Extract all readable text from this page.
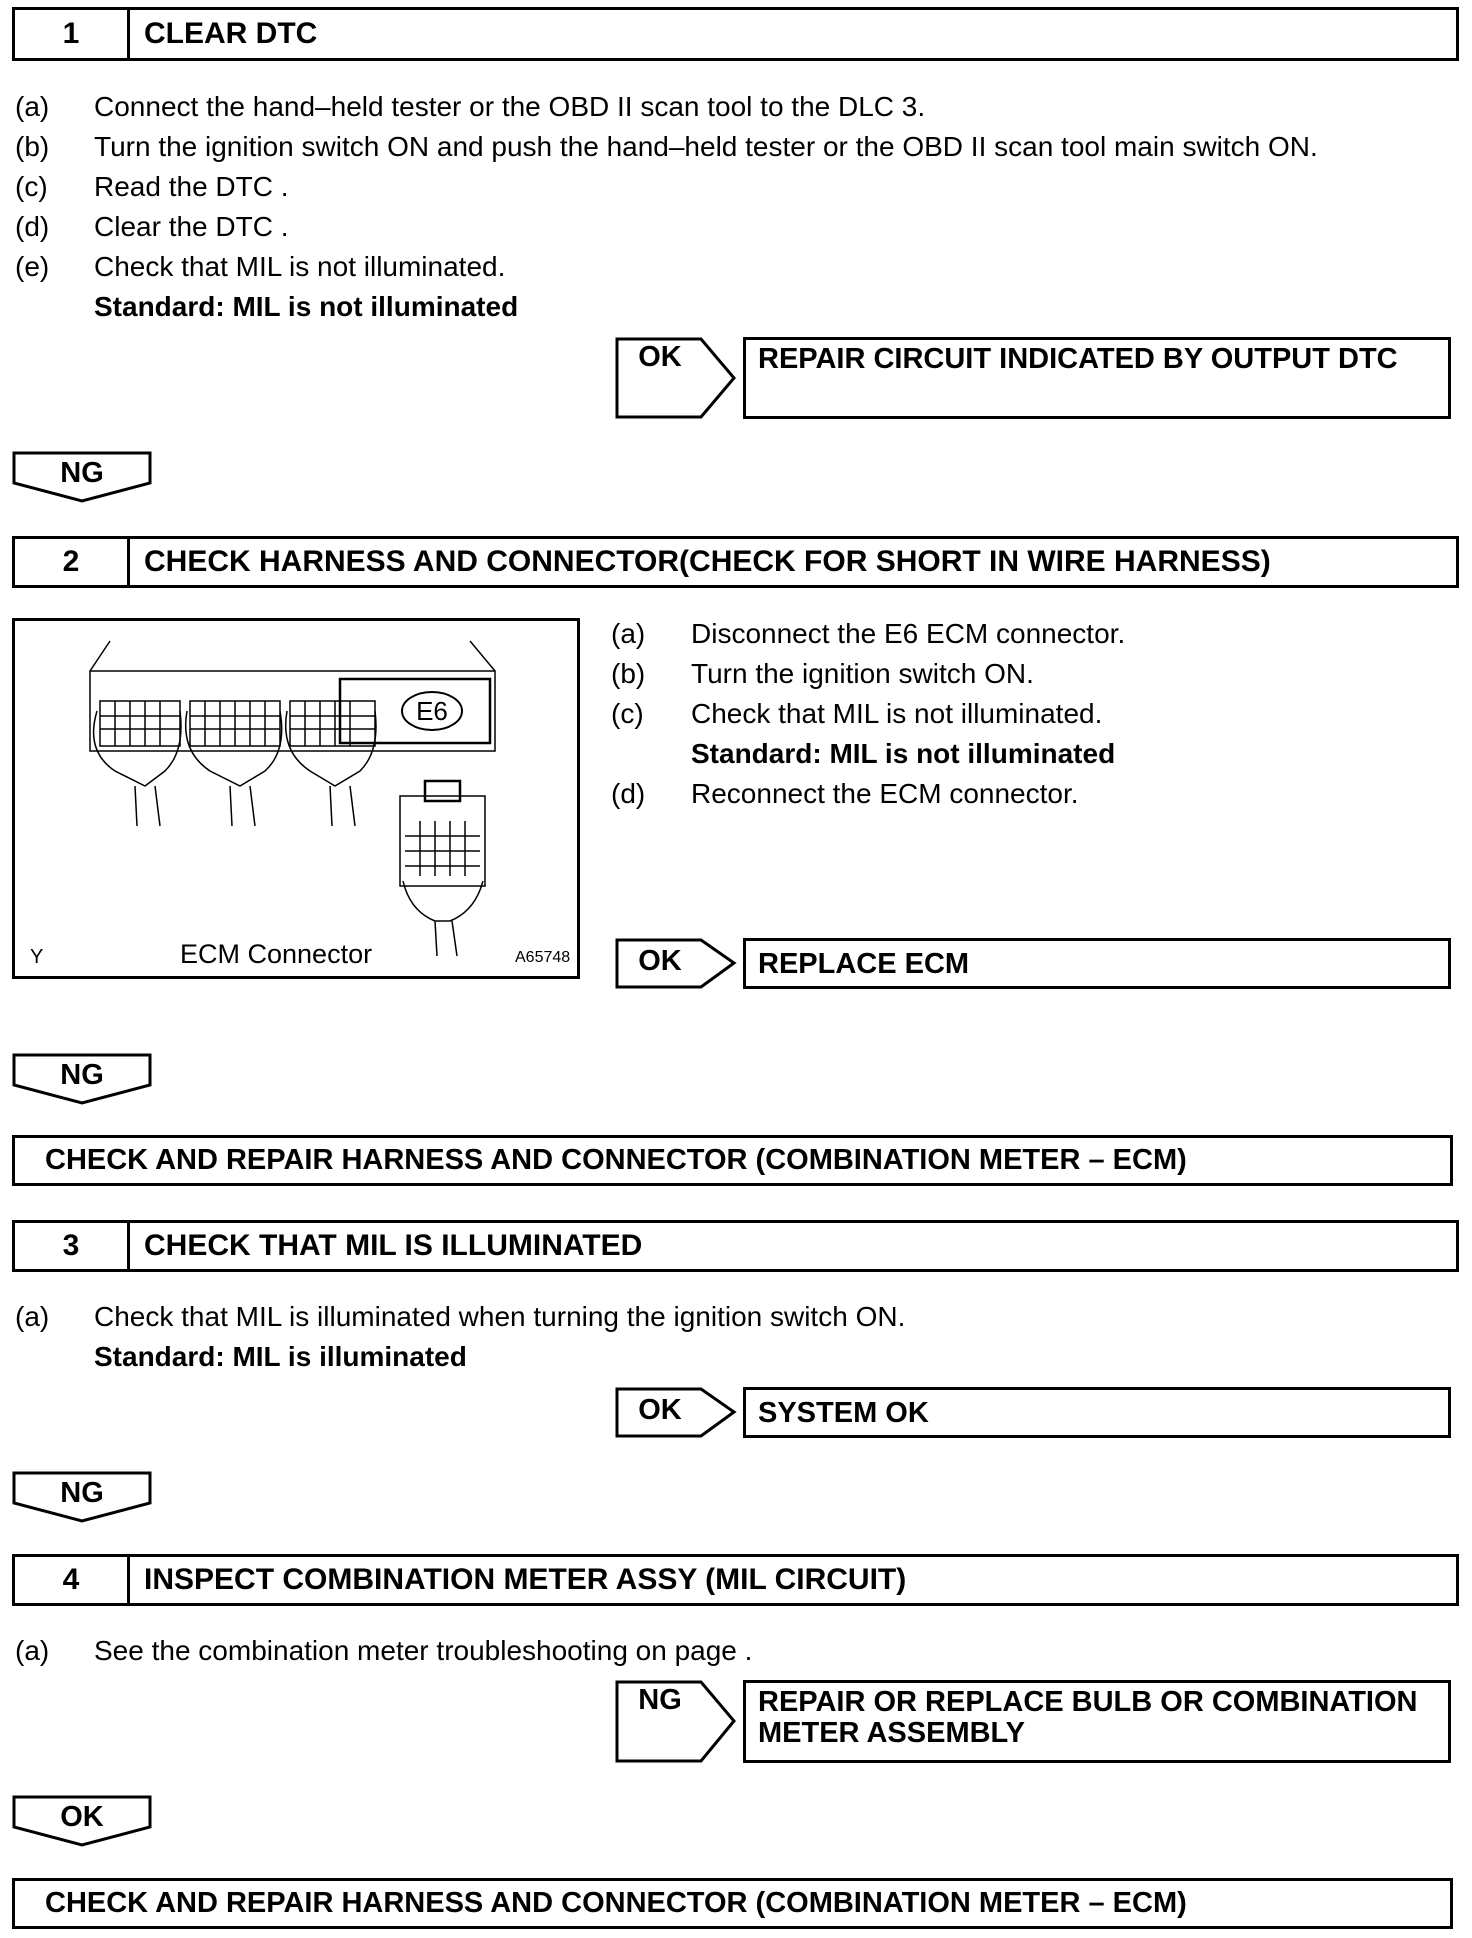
1	CLEAR DTC
(a) Connect the hand–held tester or the OBD II scan tool to the DLC 3.
(b) Turn the ignition switch ON and push the hand–held tester or the OBD II scan tool main switch ON.
(c) Read the DTC .
(d) Clear the DTC .
(e) Check that MIL is not illuminated.
Standard: MIL is not illuminated
OK	REPAIR CIRCUIT INDICATED BY OUTPUT DTC
NG
2	CHECK HARNESS AND CONNECTOR(CHECK FOR SHORT IN WIRE HARNESS)
E6
Y	ECM Connector	A65748
(a) Disconnect the E6 ECM connector.
(b) Turn the ignition switch ON.
(c) Check that MIL is not illuminated.
Standard: MIL is not illuminated
(d) Reconnect the ECM connector.
OK	REPLACE ECM
NG
CHECK AND REPAIR HARNESS AND CONNECTOR (COMBINATION METER – ECM)
3	CHECK THAT MIL IS ILLUMINATED
(a) Check that MIL is illuminated when turning the ignition switch ON.
Standard: MIL is illuminated
OK	SYSTEM OK
NG
4	INSPECT COMBINATION METER ASSY (MIL CIRCUIT)
(a) See the combination meter troubleshooting on page .
NG	REPAIR OR REPLACE BULB OR COMBINATION
METER ASSEMBLY
OK
CHECK AND REPAIR HARNESS AND CONNECTOR (COMBINATION METER – ECM)
